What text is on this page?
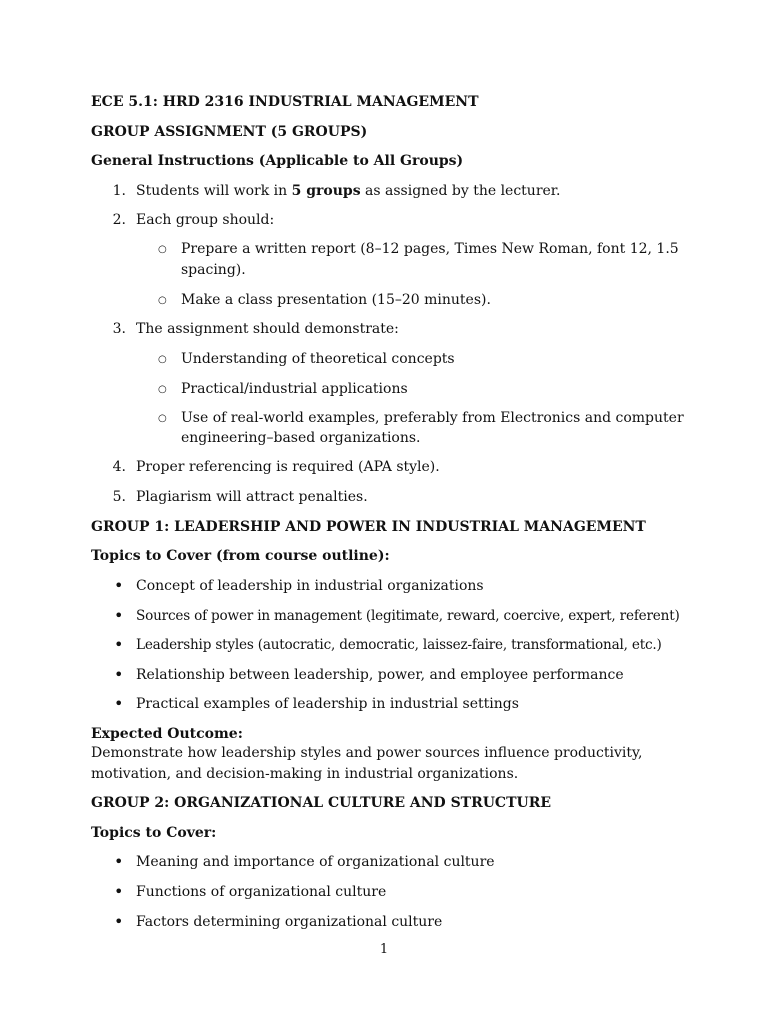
ECE 5.1: HRD 2316 INDUSTRIAL MANAGEMENT
GROUP ASSIGNMENT (5 GROUPS)
General Instructions (Applicable to All Groups)
1. Students will work in 5 groups as assigned by the lecturer.
2. Each group should:
○ Prepare a written report (8–12 pages, Times New Roman, font 12, 1.5
spacing).
○ Make a class presentation (15–20 minutes).
3. The assignment should demonstrate:
○ Understanding of theoretical concepts
○ Practical/industrial applications
○ Use of real-world examples, preferably from Electronics and computer
engineering–based organizations.
4. Proper referencing is required (APA style).
5. Plagiarism will attract penalties.
GROUP 1: LEADERSHIP AND POWER IN INDUSTRIAL MANAGEMENT
Topics to Cover (from course outline):
• Concept of leadership in industrial organizations
• Sources of power in management (legitimate, reward, coercive, expert, referent)
• Leadership styles (autocratic, democratic, laissez-faire, transformational, etc.)
• Relationship between leadership, power, and employee performance
• Practical examples of leadership in industrial settings
Expected Outcome:
Demonstrate how leadership styles and power sources influence productivity,
motivation, and decision-making in industrial organizations.
GROUP 2: ORGANIZATIONAL CULTURE AND STRUCTURE
Topics to Cover:
• Meaning and importance of organizational culture
• Functions of organizational culture
• Factors determining organizational culture
1
